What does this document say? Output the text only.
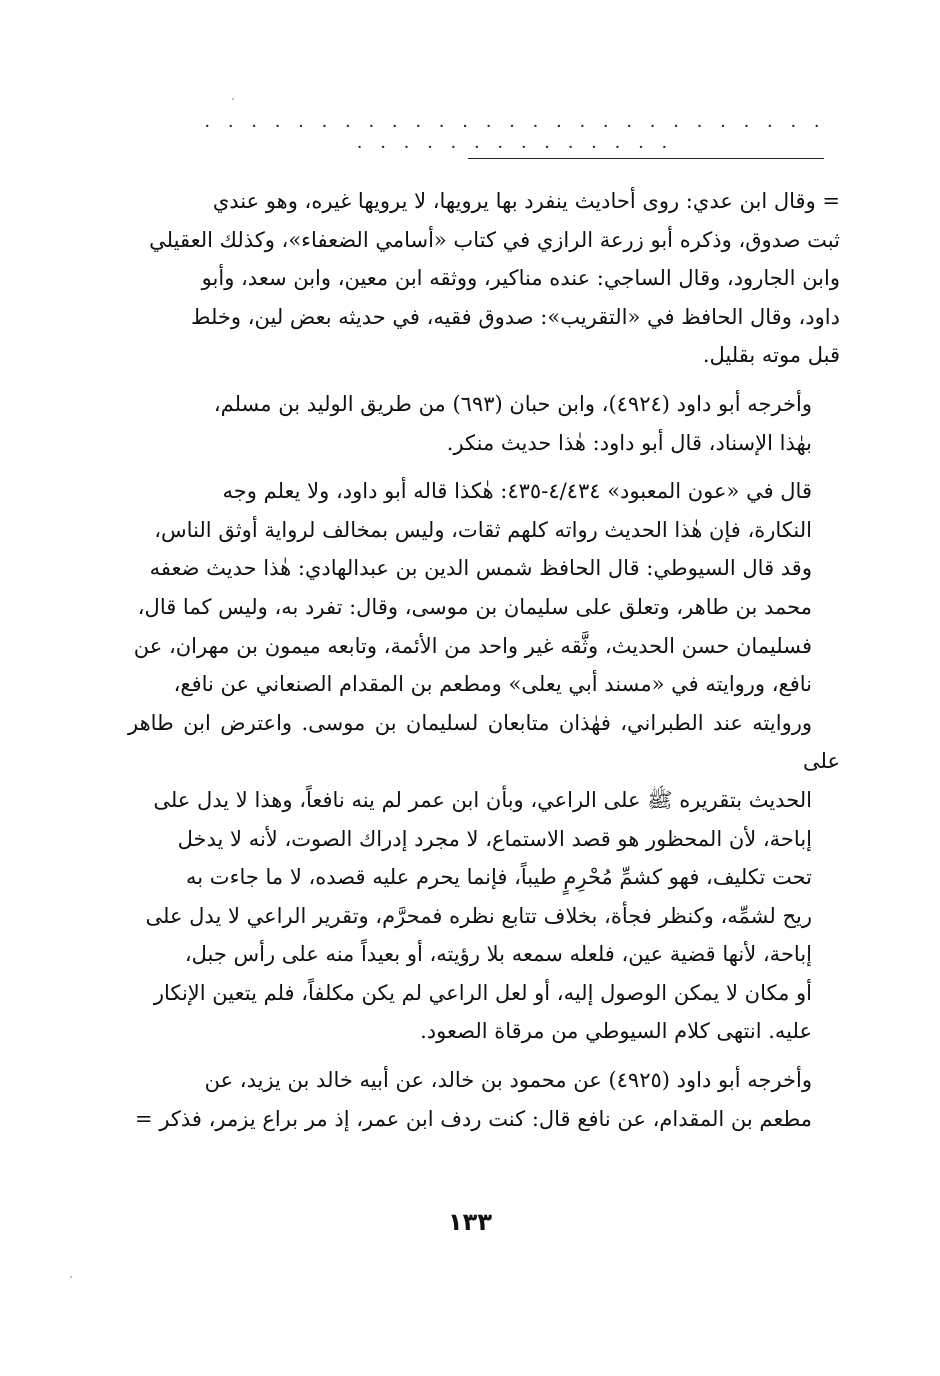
· · · · · · · · · · · · · · · · · · · · · · · · · · · · · · · · · · · · · · · · ·

= وقال ابن عدي: روى أحاديث ينفرد بها يرويها، لا يرويها غيره، وهو عندي
ثبت صدوق، وذكره أبو زرعة الرازي في كتاب «أسامي الضعفاء»، وكذلك العقيلي
وابن الجارود، وقال الساجي: عنده مناكير، ووثقه ابن معين، وابن سعد، وأبو
داود، وقال الحافظ في «التقريب»: صدوق فقيه، في حديثه بعض لين، وخلط
قبل موته بقليل.

وأخرجه أبو داود (٤٩٢٤)، وابن حبان (٦٩٣) من طريق الوليد بن مسلم،
بهٰذا الإسناد، قال أبو داود: هٰذا حديث منكر.

قال في «عون المعبود» ٤/٤٣٤-٤٣٥: هٰكذا قاله أبو داود، ولا يعلم وجه
النكارة، فإن هٰذا الحديث رواته كلهم ثقات، وليس بمخالف لرواية أوثق الناس،
وقد قال السيوطي: قال الحافظ شمس الدين بن عبدالهادي: هٰذا حديث ضعفه
محمد بن طاهر، وتعلق على سليمان بن موسى، وقال: تفرد به، وليس كما قال،
فسليمان حسن الحديث، وثَّقه غير واحد من الأئمة، وتابعه ميمون بن مهران، عن
نافع، وروايته في «مسند أبي يعلى» ومطعم بن المقدام الصنعاني عن نافع،
وروايته عند الطبراني، فهٰذان متابعان لسليمان بن موسى. واعترض ابن طاهر على
الحديث بتقريره ﷺ على الراعي، وبأن ابن عمر لم ينه نافعاً، وهذا لا يدل على
إباحة، لأن المحظور هو قصد الاستماع، لا مجرد إدراك الصوت، لأنه لا يدخل
تحت تكليف، فهو كشمِّ مُحْرِمٍ طيباً، فإنما يحرم عليه قصده، لا ما جاءت به
ريح لشمِّه، وكنظر فجأة، بخلاف تتابع نظره فمحرَّم، وتقرير الراعي لا يدل على
إباحة، لأنها قضية عين، فلعله سمعه بلا رؤيته، أو بعيداً منه على رأس جبل،
أو مكان لا يمكن الوصول إليه، أو لعل الراعي لم يكن مكلفاً، فلم يتعين الإنكار
عليه. انتهى كلام السيوطي من مرقاة الصعود.

وأخرجه أبو داود (٤٩٢٥) عن محمود بن خالد، عن أبيه خالد بن يزيد، عن
مطعم بن المقدام، عن نافع قال: كنت ردف ابن عمر، إذ مر براع يزمر، فذكر =

١٣٣
